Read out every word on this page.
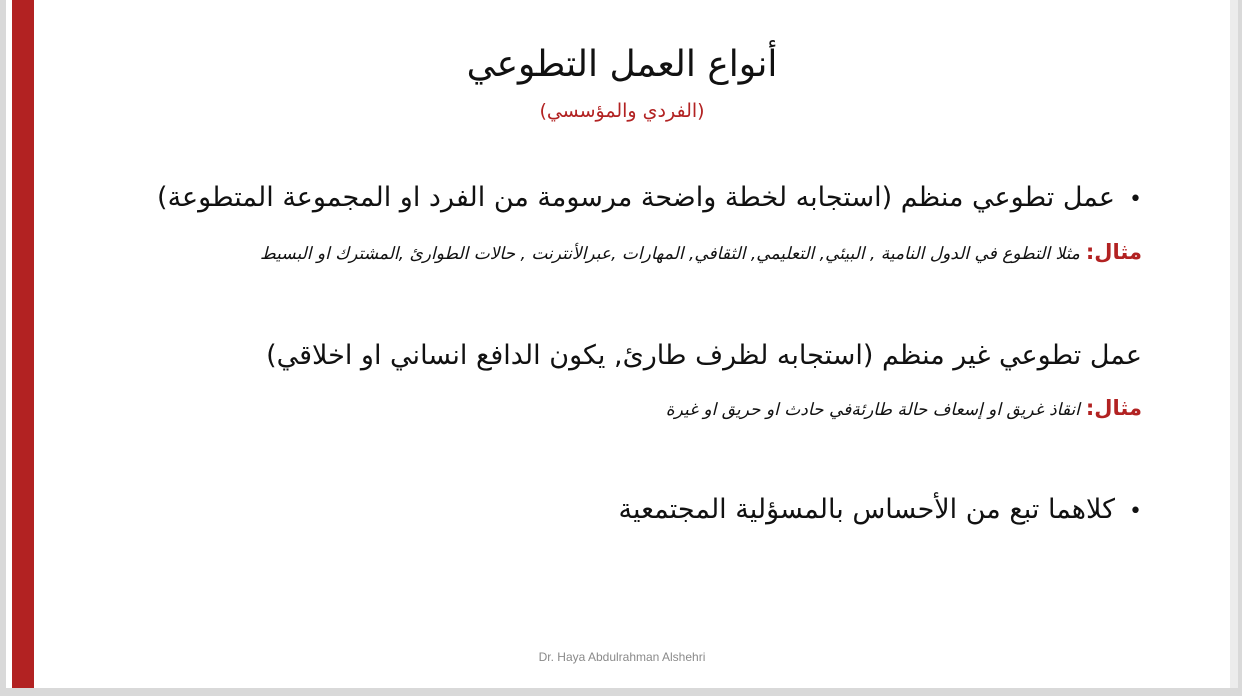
أنواع العمل التطوعي
(الفردي والمؤسسي)

•عمل تطوعي منظم (استجابه لخطة واضحة مرسومة من الفرد او المجموعة المتطوعة)

مثال:مثلا التطوع في الدول النامية , البيئي, التعليمي, الثقافي, المهارات ,عبرالأنترنت , حالات الطوارئ ,المشترك او البسيط

عمل تطوعي غير منظم (استجابه لظرف طارئ, يكون الدافع انساني او اخلاقي)

مثال:انقاذ غريق او إسعاف حالة طارئةفي حادث او حريق او غيرة

•كلاهما تبع من الأحساس بالمسؤلية المجتمعية

Dr. Haya Abdulrahman Alshehri
